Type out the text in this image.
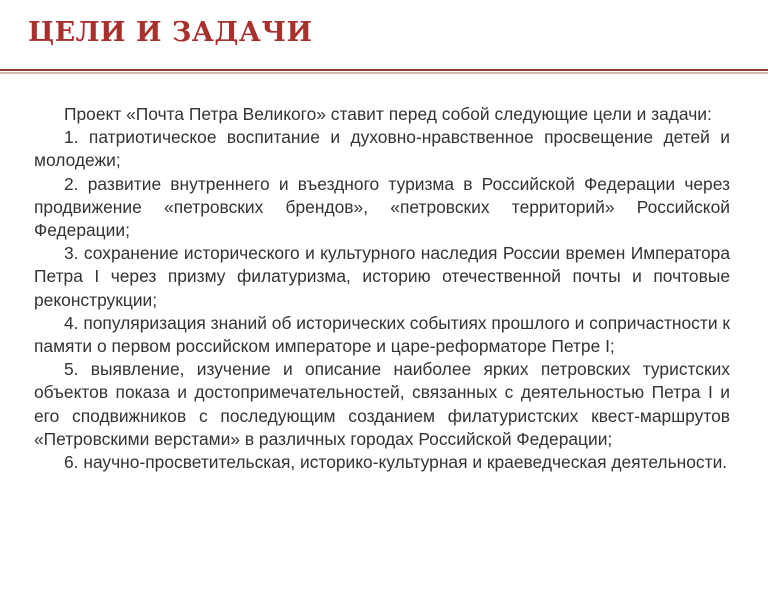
ЦЕЛИ И ЗАДАЧИ

Проект «Почта Петра Великого» ставит перед собой следующие цели и задачи:

1. патриотическое воспитание и духовно-нравственное просвещение детей и молодежи;

2. развитие внутреннего и въездного туризма в Российской Федерации через продвижение «петровских брендов», «петровских территорий» Российской Федерации;

3. сохранение исторического и культурного наследия России времен Императора Петра I через призму филатуризма, историю отечественной почты и почтовые реконструкции;

4. популяризация знаний об исторических событиях прошлого и сопричастности к памяти о первом российском императоре и царе-реформаторе Петре I;

5. выявление, изучение и описание наиболее ярких петровских туристских объектов показа и достопримечательностей, связанных с деятельностью Петра I и его сподвижников с последующим созданием филатуристских квест-маршрутов «Петровскими верстами» в различных городах Российской Федерации;

6. научно-просветительская, историко-культурная и краеведческая деятельности.
